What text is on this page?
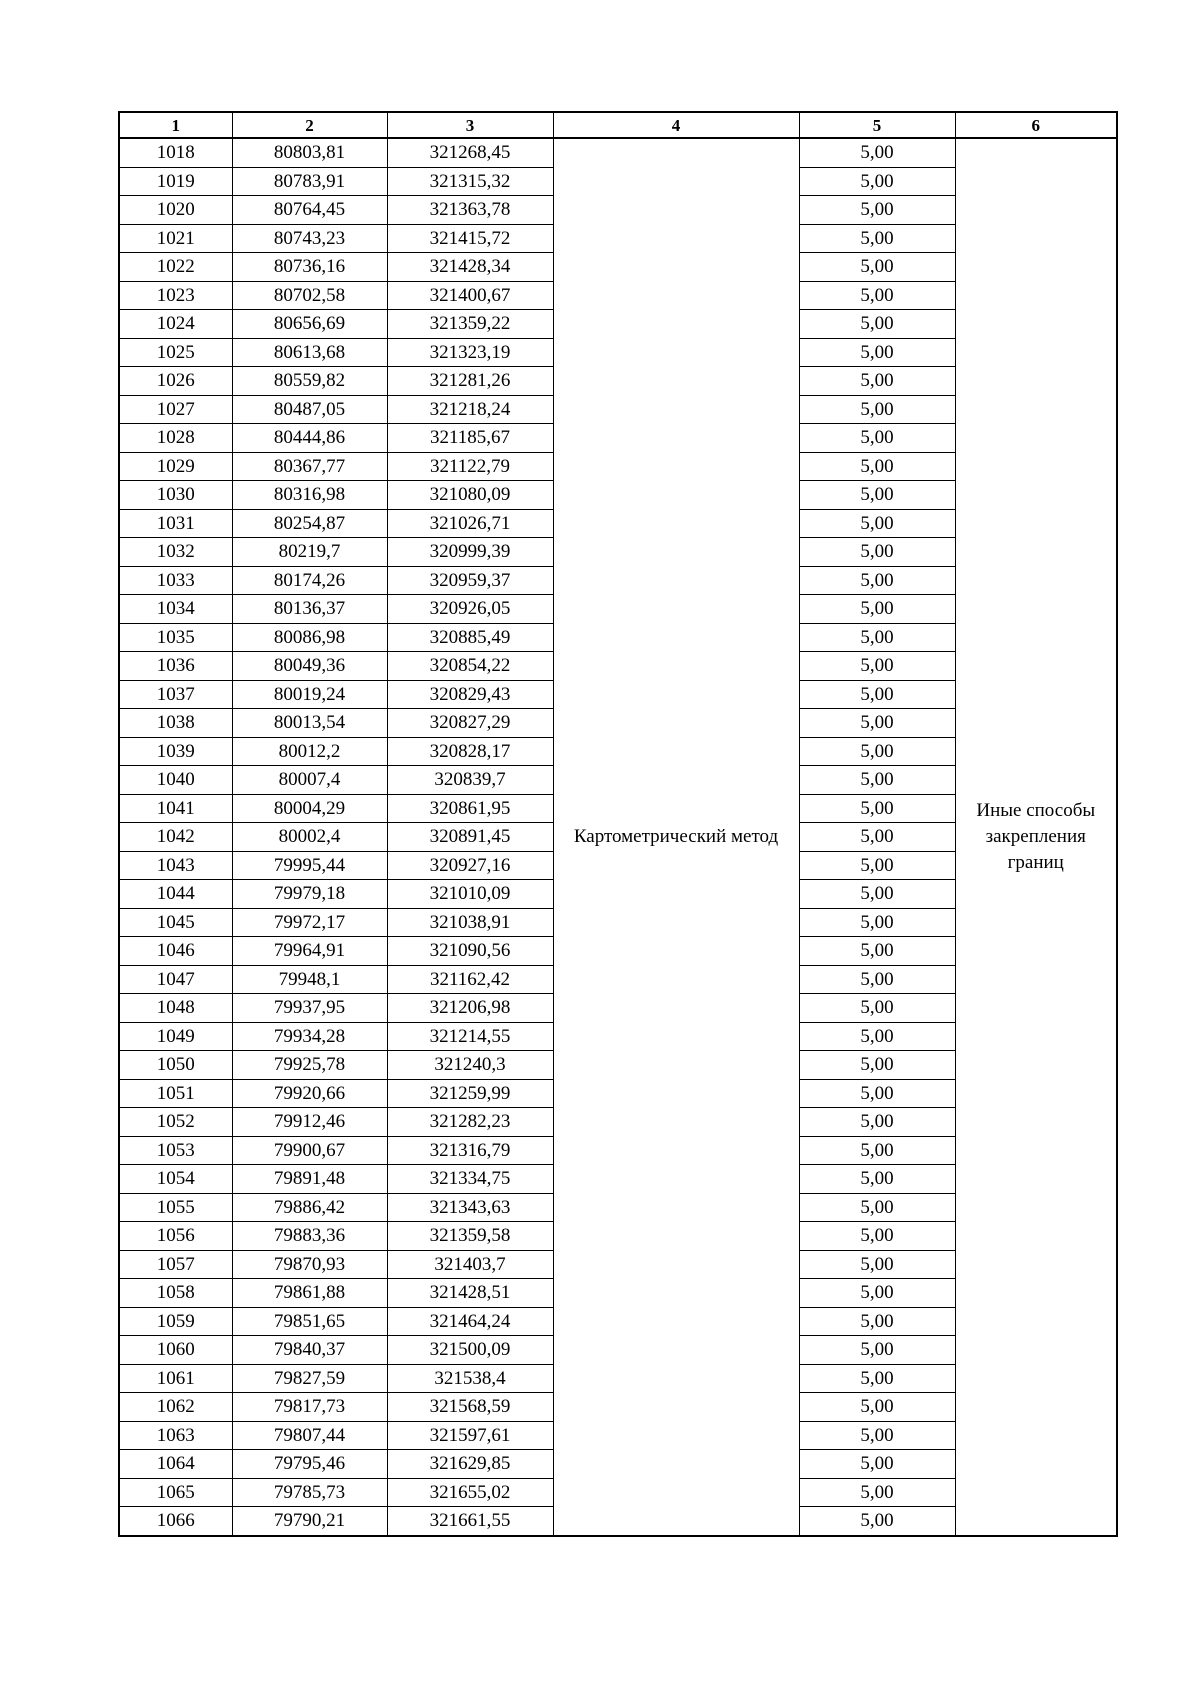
1	2	3	4	5	6
1018	80803,81	321268,45	Картометрический метод	5,00	Иные способы закрепления границ
1019	80783,91	321315,32		5,00	
1020	80764,45	321363,78		5,00	
1021	80743,23	321415,72		5,00	
1022	80736,16	321428,34		5,00	
1023	80702,58	321400,67		5,00	
1024	80656,69	321359,22		5,00	
1025	80613,68	321323,19		5,00	
1026	80559,82	321281,26		5,00	
1027	80487,05	321218,24		5,00	
1028	80444,86	321185,67		5,00	
1029	80367,77	321122,79		5,00	
1030	80316,98	321080,09		5,00	
1031	80254,87	321026,71		5,00	
1032	80219,7	320999,39		5,00	
1033	80174,26	320959,37		5,00	
1034	80136,37	320926,05		5,00	
1035	80086,98	320885,49		5,00	
1036	80049,36	320854,22		5,00	
1037	80019,24	320829,43		5,00	
1038	80013,54	320827,29		5,00	
1039	80012,2	320828,17		5,00	
1040	80007,4	320839,7		5,00	
1041	80004,29	320861,95		5,00	
1042	80002,4	320891,45		5,00	
1043	79995,44	320927,16		5,00	
1044	79979,18	321010,09		5,00	
1045	79972,17	321038,91		5,00	
1046	79964,91	321090,56		5,00	
1047	79948,1	321162,42		5,00	
1048	79937,95	321206,98		5,00	
1049	79934,28	321214,55		5,00	
1050	79925,78	321240,3		5,00	
1051	79920,66	321259,99		5,00	
1052	79912,46	321282,23		5,00	
1053	79900,67	321316,79		5,00	
1054	79891,48	321334,75		5,00	
1055	79886,42	321343,63		5,00	
1056	79883,36	321359,58		5,00	
1057	79870,93	321403,7		5,00	
1058	79861,88	321428,51		5,00	
1059	79851,65	321464,24		5,00	
1060	79840,37	321500,09		5,00	
1061	79827,59	321538,4		5,00	
1062	79817,73	321568,59		5,00	
1063	79807,44	321597,61		5,00	
1064	79795,46	321629,85		5,00	
1065	79785,73	321655,02		5,00	
1066	79790,21	321661,55		5,00	
